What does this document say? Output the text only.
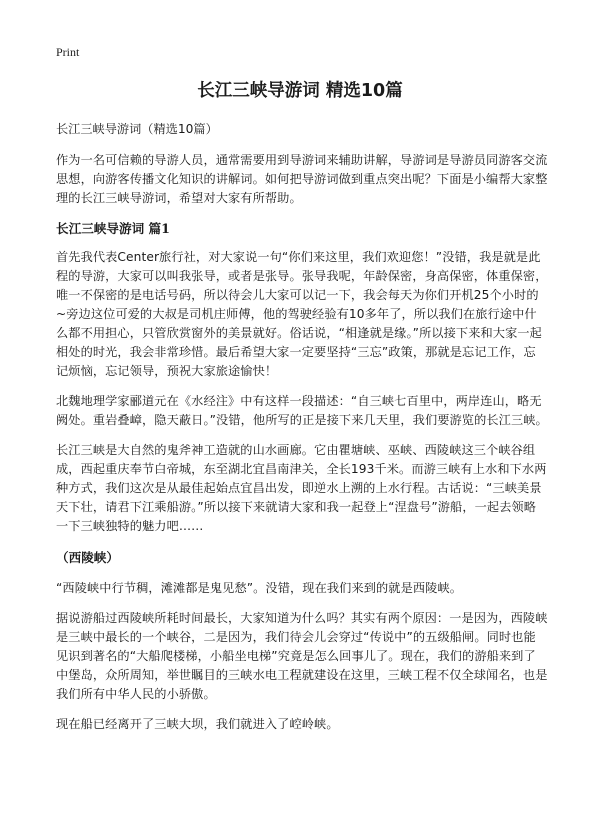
Print
长江三峡导游词 精选10篇
长江三峡导游词（精选10篇）

作为一名可信赖的导游人员，通常需要用到导游词来辅助讲解，导游词是导游员同游客交流思想，向游客传播文化知识的讲解词。如何把导游词做到重点突出呢？下面是小编帮大家整理的长江三峡导游词，希望对大家有所帮助。

长江三峡导游词 篇1

首先我代表Center旅行社，对大家说一句“你们来这里，我们欢迎您！”没错，我是就是此程的导游，大家可以叫我张导，或者是张导。张导我呢，年龄保密，身高保密，体重保密，唯一不保密的是电话号码，所以待会儿大家可以记一下，我会每天为你们开机25个小时的~旁边这位可爱的大叔是司机庄师傅，他的驾驶经验有10多年了，所以我们在旅行途中什么都不用担心，只管欣赏窗外的美景就好。俗话说，“相逢就是缘。”所以接下来和大家一起相处的时光，我会非常珍惜。最后希望大家一定要坚持“三忘”政策，那就是忘记工作，忘记烦恼，忘记领导，预祝大家旅途愉快！

北魏地理学家郦道元在《水经注》中有这样一段描述：“自三峡七百里中，两岸连山，略无阙处。重岩叠嶂，隐天蔽日。”没错，他所写的正是接下来几天里，我们要游览的长江三峡。

长江三峡是大自然的鬼斧神工造就的山水画廊。它由瞿塘峡、巫峡、西陵峡这三个峡谷组成，西起重庆奉节白帝城，东至湖北宜昌南津关，全长193千米。而游三峡有上水和下水两种方式，我们这次是从最佳起始点宜昌出发，即逆水上溯的上水行程。古话说：“三峡美景天下壮，请君下江乘船游。”所以接下来就请大家和我一起登上“涅盘号”游船，一起去领略一下三峡独特的魅力吧……

（西陵峡）

“西陵峡中行节稠，滩滩都是鬼见愁”。没错，现在我们来到的就是西陵峡。

据说游船过西陵峡所耗时间最长，大家知道为什么吗？其实有两个原因：一是因为，西陵峡是三峡中最长的一个峡谷，二是因为，我们待会儿会穿过“传说中”的五级船闸。同时也能见识到著名的“大船爬楼梯，小船坐电梯”究竟是怎么回事儿了。现在，我们的游船来到了中堡岛，众所周知，举世瞩目的三峡水电工程就建设在这里，三峡工程不仅全球闻名，也是我们所有中华人民的小骄傲。

现在船已经离开了三峡大坝，我们就进入了崆岭峡。
